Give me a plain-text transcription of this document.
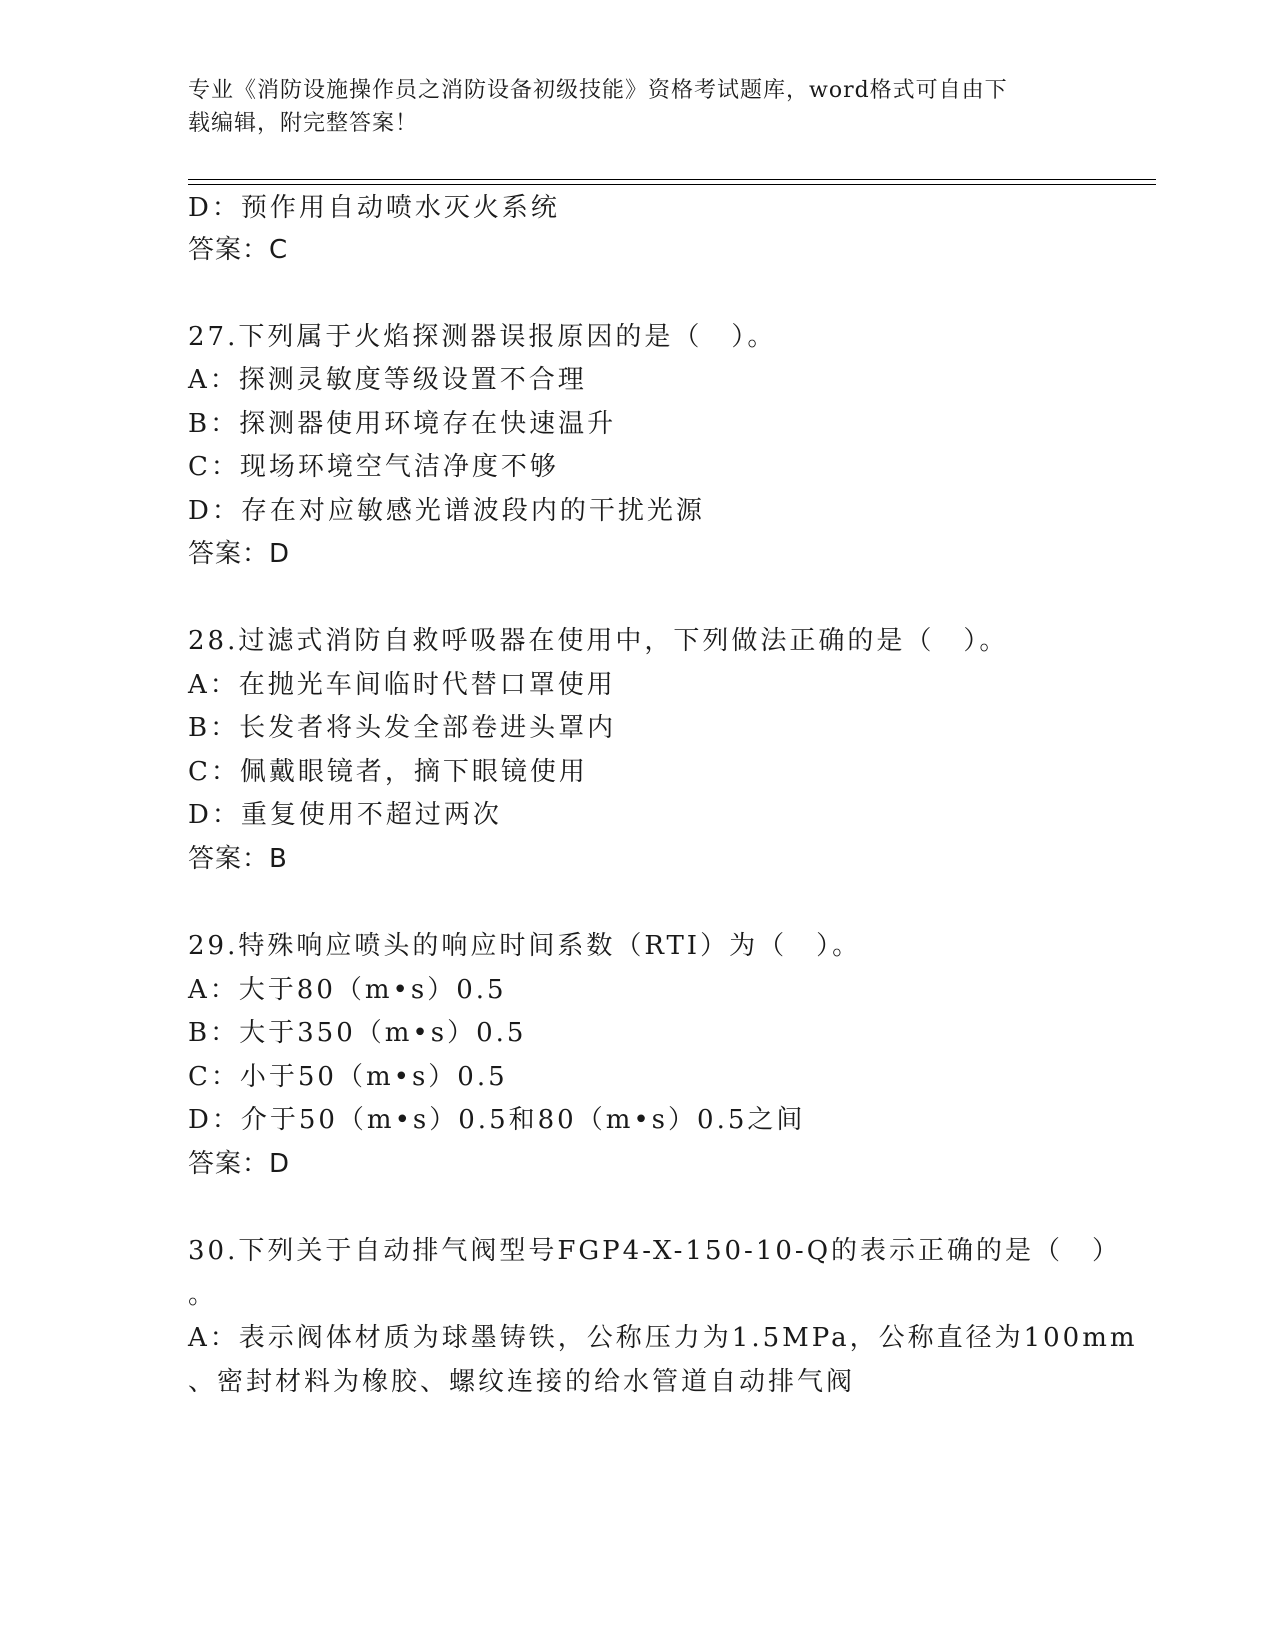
专业《消防设施操作员之消防设备初级技能》资格考试题库，word格式可自由下
载编辑，附完整答案！
D：预作用自动喷水灭火系统
答案：C
27.下列属于火焰探测器误报原因的是（　）。
A：探测灵敏度等级设置不合理
B：探测器使用环境存在快速温升
C：现场环境空气洁净度不够
D：存在对应敏感光谱波段内的干扰光源
答案：D
28.过滤式消防自救呼吸器在使用中，下列做法正确的是（　）。
A：在抛光车间临时代替口罩使用
B：长发者将头发全部卷进头罩内
C：佩戴眼镜者，摘下眼镜使用
D：重复使用不超过两次
答案：B
29.特殊响应喷头的响应时间系数（RTI）为（　）。
A：大于80（m•s）0.5
B：大于350（m•s）0.5
C：小于50（m•s）0.5
D：介于50（m•s）0.5和80（m•s）0.5之间
答案：D
30.下列关于自动排气阀型号FGP4-X-150-10-Q的表示正确的是（　）
。
A：表示阀体材质为球墨铸铁，公称压力为1.5MPa，公称直径为100mm
、密封材料为橡胶、螺纹连接的给水管道自动排气阀
